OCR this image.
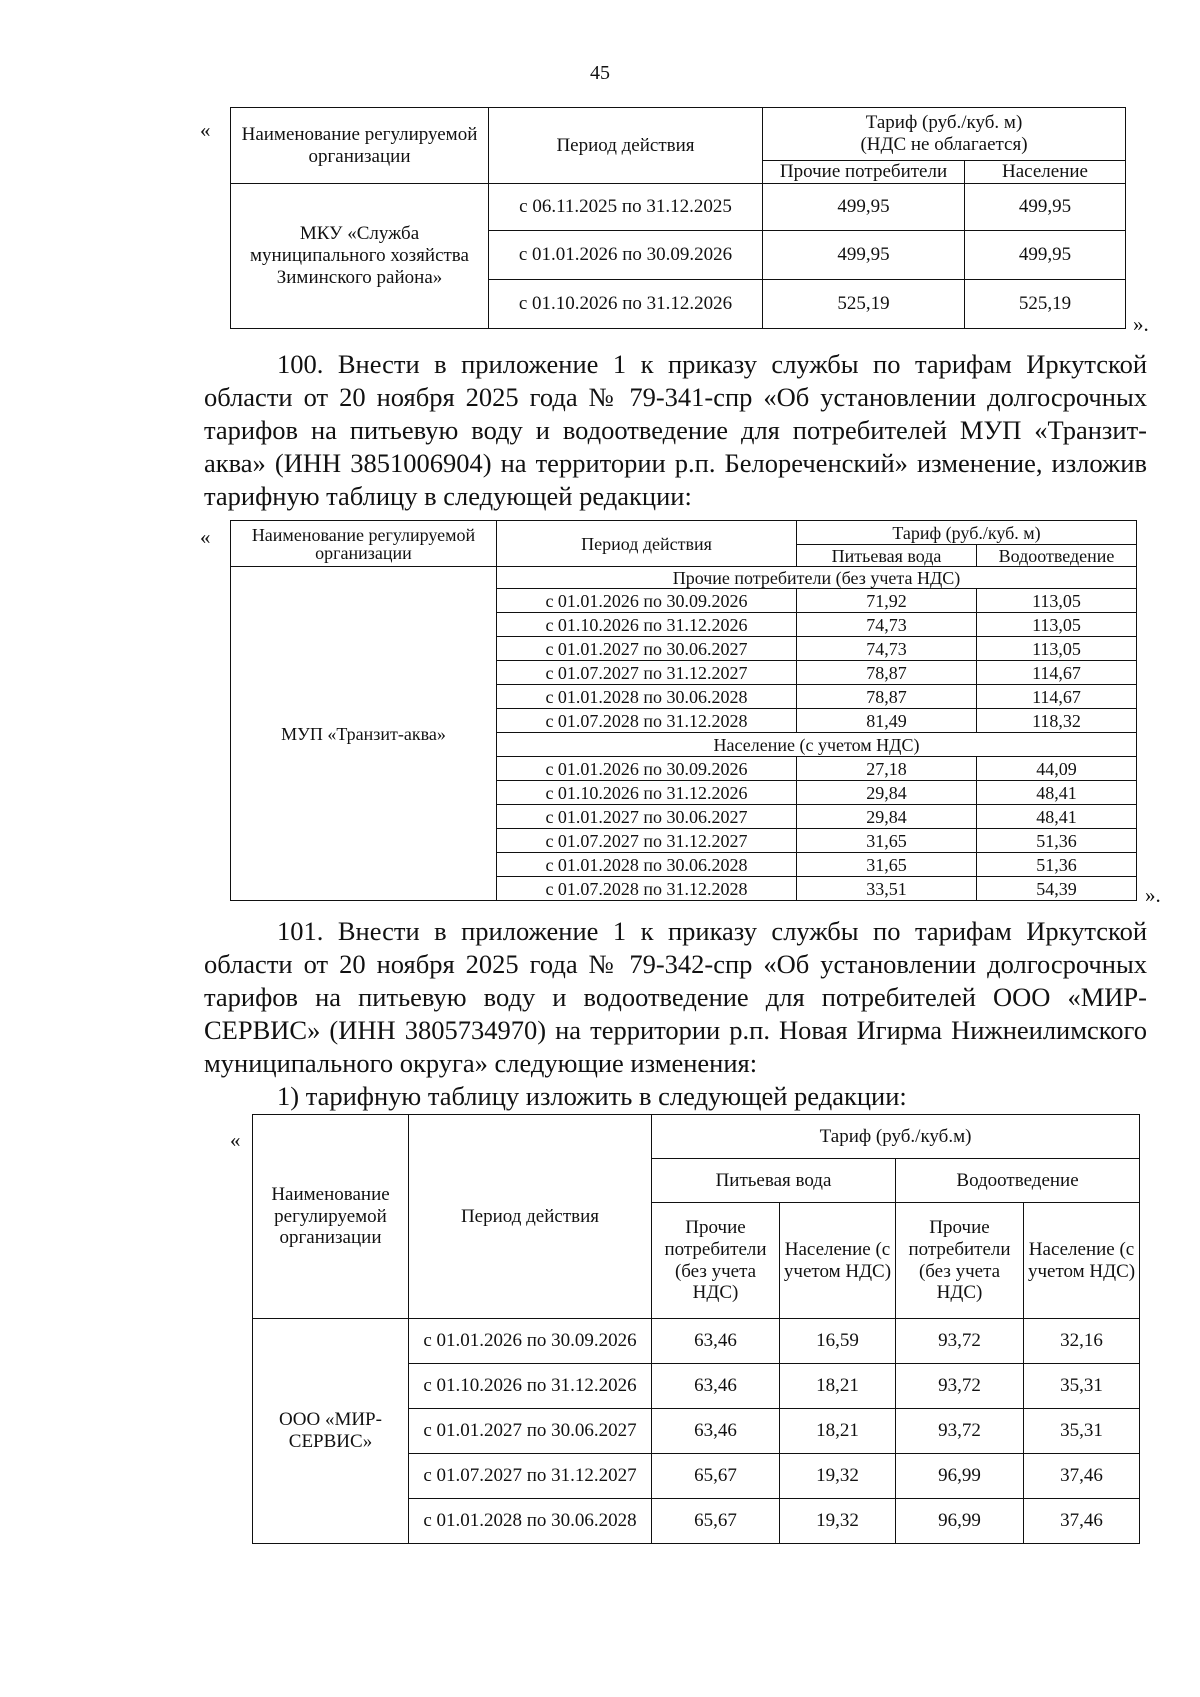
45
« Наименование регулируемой организации	Период действия	Тариф (руб./куб. м)
(НДС не облагается)	
		Прочие потребители	Население
МКУ «Служба муниципального хозяйства Зиминского района»	с 06.11.2025 по 31.12.2025	499,95	499,95
	с 01.01.2026 по 30.09.2026	499,95	499,95
	с 01.10.2026 по 31.12.2026	525,19	525,19
».
100. Внести в приложение 1 к приказу службы по тарифам Иркутской области от 20 ноября 2025 года № 79-341-спр «Об установлении долгосрочных тарифов на питьевую воду и водоотведение для потребителей МУП «Транзит-аква» (ИНН 3851006904) на территории р.п. Белореченский» изменение, изложив тарифную таблицу в следующей редакции:
« Наименование регулируемой организации	Период действия	Тариф (руб./куб. м)	
		Питьевая вода	Водоотведение
МУП «Транзит-аква»	Прочие потребители (без учета НДС)		
	с 01.01.2026 по 30.09.2026	71,92	113,05
	с 01.10.2026 по 31.12.2026	74,73	113,05
	с 01.01.2027 по 30.06.2027	74,73	113,05
	с 01.07.2027 по 31.12.2027	78,87	114,67
	с 01.01.2028 по 30.06.2028	78,87	114,67
	с 01.07.2028 по 31.12.2028	81,49	118,32
	Население (с учетом НДС)		
	с 01.01.2026 по 30.09.2026	27,18	44,09
	с 01.10.2026 по 31.12.2026	29,84	48,41
	с 01.01.2027 по 30.06.2027	29,84	48,41
	с 01.07.2027 по 31.12.2027	31,65	51,36
	с 01.01.2028 по 30.06.2028	31,65	51,36
	с 01.07.2028 по 31.12.2028	33,51	54,39	».
101. Внести в приложение 1 к приказу службы по тарифам Иркутской области от 20 ноября 2025 года № 79-342-спр «Об установлении долгосрочных тарифов на питьевую воду и водоотведение для потребителей ООО «МИР-СЕРВИС» (ИНН 3805734970) на территории р.п. Новая Игирма Нижнеилимского муниципального округа» следующие изменения:
1) тарифную таблицу изложить в следующей редакции:
«
Наименование регулируемой организации	Период действия	Тариф (руб./куб.м)			
		Питьевая вода		Водоотведение	
		Прочие потребители (без учета НДС)	Население (с учетом НДС)	Прочие потребители (без учета НДС)	Население (с учетом НДС)
ООО «МИР-СЕРВИС»	с 01.01.2026 по 30.09.2026	63,46	16,59	93,72	32,16
	с 01.10.2026 по 31.12.2026	63,46	18,21	93,72	35,31
	с 01.01.2027 по 30.06.2027	63,46	18,21	93,72	35,31
	с 01.07.2027 по 31.12.2027	65,67	19,32	96,99	37,46
	с 01.01.2028 по 30.06.2028	65,67	19,32	96,99	37,46
